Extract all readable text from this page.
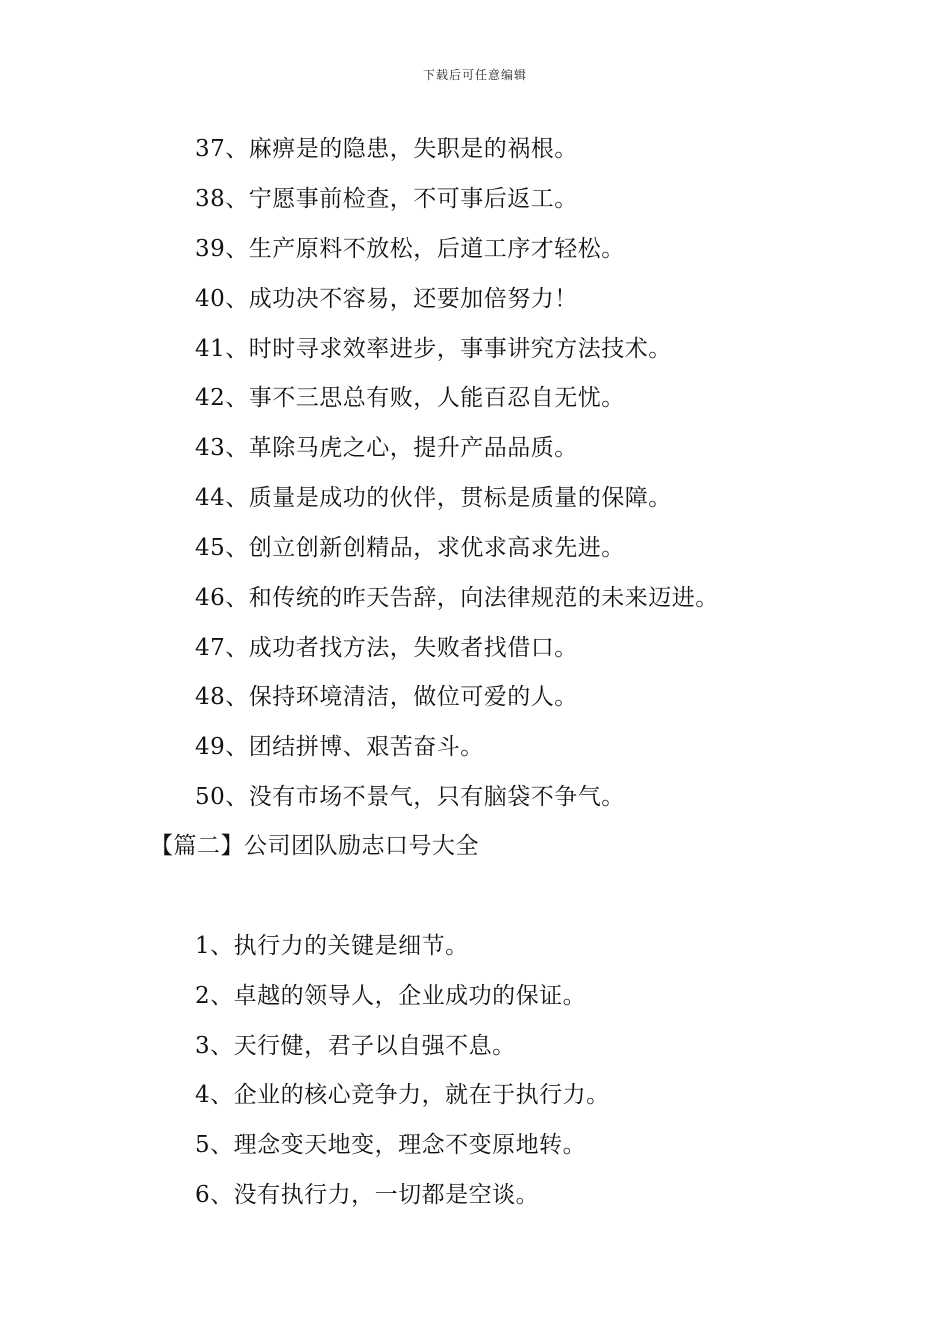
下载后可任意编辑
37、麻痹是的隐患，失职是的祸根。
38、宁愿事前检查，不可事后返工。
39、生产原料不放松，后道工序才轻松。
40、成功决不容易，还要加倍努力！
41、时时寻求效率进步，事事讲究方法技术。
42、事不三思总有败，人能百忍自无忧。
43、革除马虎之心，提升产品品质。
44、质量是成功的伙伴，贯标是质量的保障。
45、创立创新创精品，求优求高求先进。
46、和传统的昨天告辞，向法律规范的未来迈进。
47、成功者找方法，失败者找借口。
48、保持环境清洁，做位可爱的人。
49、团结拼博、艰苦奋斗。
50、没有市场不景气，只有脑袋不争气。
【篇二】公司团队励志口号大全
1、执行力的关键是细节。
2、卓越的领导人，企业成功的保证。
3、天行健，君子以自强不息。
4、企业的核心竞争力，就在于执行力。
5、理念变天地变，理念不变原地转。
6、没有执行力，一切都是空谈。
